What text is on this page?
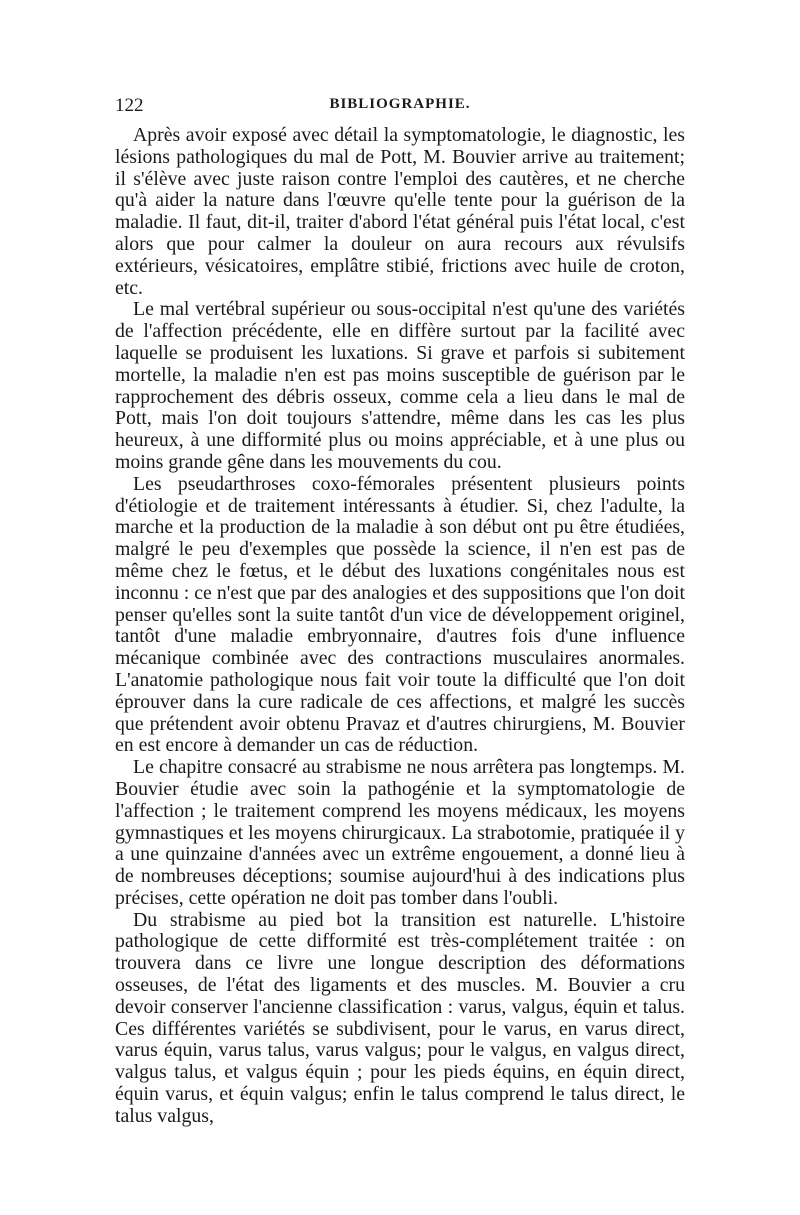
122	BIBLIOGRAPHIE.

Après avoir exposé avec détail la symptomatologie, le diagnostic, les lésions pathologiques du mal de Pott, M. Bouvier arrive au traitement; il s'élève avec juste raison contre l'emploi des cautères, et ne cherche qu'à aider la nature dans l'œuvre qu'elle tente pour la guérison de la maladie. Il faut, dit-il, traiter d'abord l'état général puis l'état local, c'est alors que pour calmer la douleur on aura recours aux révulsifs extérieurs, vésicatoires, emplâtre stibié, frictions avec huile de croton, etc.

Le mal vertébral supérieur ou sous-occipital n'est qu'une des variétés de l'affection précédente, elle en diffère surtout par la facilité avec laquelle se produisent les luxations. Si grave et parfois si subitement mortelle, la maladie n'en est pas moins susceptible de guérison par le rapprochement des débris osseux, comme cela a lieu dans le mal de Pott, mais l'on doit toujours s'attendre, même dans les cas les plus heureux, à une difformité plus ou moins appréciable, et à une plus ou moins grande gêne dans les mouvements du cou.

Les pseudarthroses coxo-fémorales présentent plusieurs points d'étiologie et de traitement intéressants à étudier. Si, chez l'adulte, la marche et la production de la maladie à son début ont pu être étudiées, malgré le peu d'exemples que possède la science, il n'en est pas de même chez le fœtus, et le début des luxations congénitales nous est inconnu : ce n'est que par des analogies et des suppositions que l'on doit penser qu'elles sont la suite tantôt d'un vice de développement originel, tantôt d'une maladie embryonnaire, d'autres fois d'une influence mécanique combinée avec des contractions musculaires anormales. L'anatomie pathologique nous fait voir toute la difficulté que l'on doit éprouver dans la cure radicale de ces affections, et malgré les succès que prétendent avoir obtenu Pravaz et d'autres chirurgiens, M. Bouvier en est encore à demander un cas de réduction.

Le chapitre consacré au strabisme ne nous arrêtera pas longtemps. M. Bouvier étudie avec soin la pathogénie et la symptomatologie de l'affection ; le traitement comprend les moyens médicaux, les moyens gymnastiques et les moyens chirurgicaux. La strabotomie, pratiquée il y a une quinzaine d'années avec un extrême engouement, a donné lieu à de nombreuses déceptions; soumise aujourd'hui à des indications plus précises, cette opération ne doit pas tomber dans l'oubli.

Du strabisme au pied bot la transition est naturelle. L'histoire pathologique de cette difformité est très-complétement traitée : on trouvera dans ce livre une longue description des déformations osseuses, de l'état des ligaments et des muscles. M. Bouvier a cru devoir conserver l'ancienne classification : varus, valgus, équin et talus. Ces différentes variétés se subdivisent, pour le varus, en varus direct, varus équin, varus talus, varus valgus; pour le valgus, en valgus direct, valgus talus, et valgus équin ; pour les pieds équins, en équin direct, équin varus, et équin valgus; enfin le talus comprend le talus direct, le talus valgus,
